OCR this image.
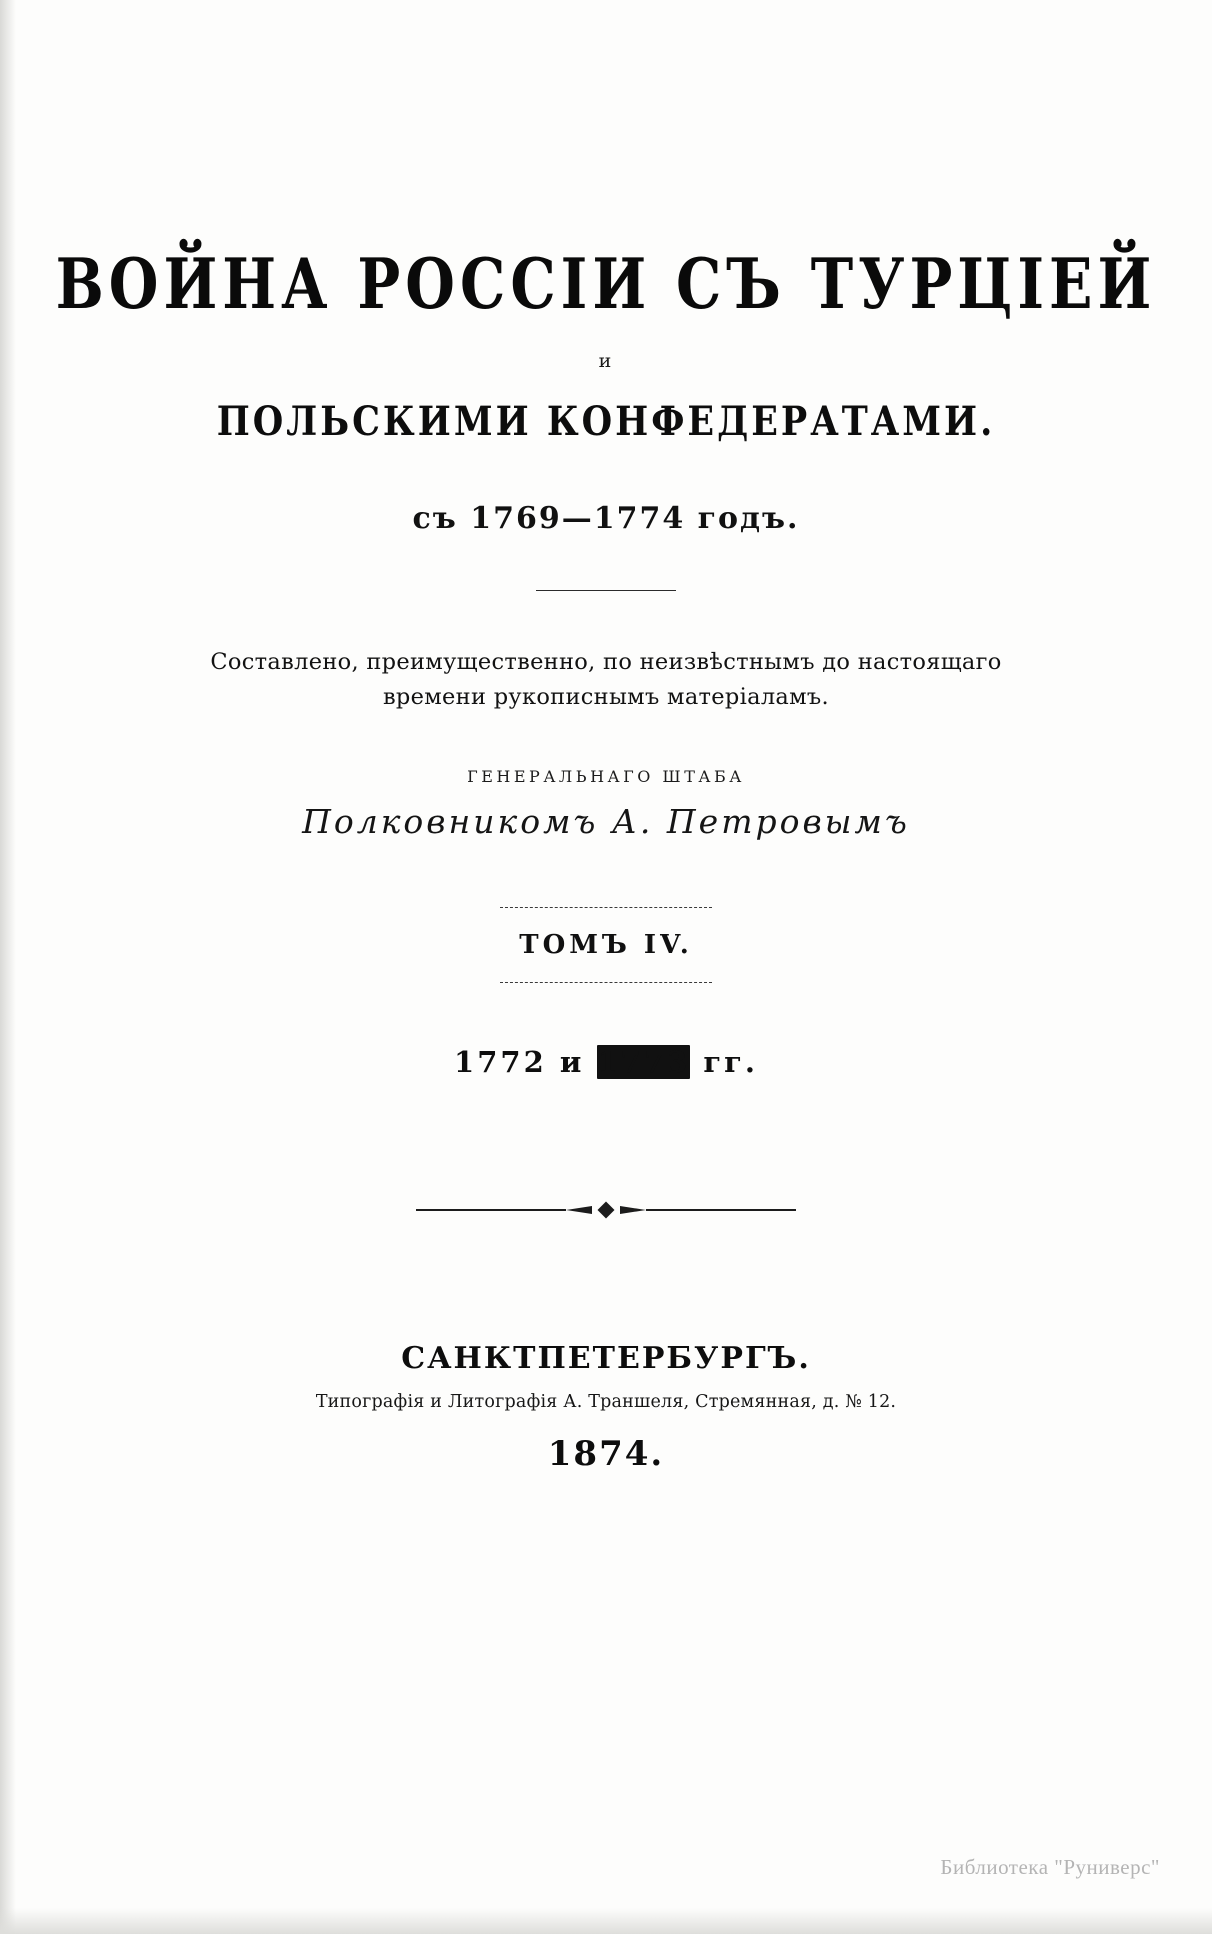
ВОЙНА РОССIИ СЪ ТУРЦIЕЙ
и
ПОЛЬСКИМИ КОНФЕДЕРАТАМИ.
съ 1769—1774 годъ.
Составлено, преимущественно, по неизвѣстнымъ до настоящаго
времени рукописнымъ матерiаламъ.
ГЕНЕРАЛЬНАГО ШТАБА
Полковникомъ А. Петровымъ
ТОМЪ IV.
1772 и 1773 гг.
САНКТПЕТЕРБУРГЪ.
Типографiя и Литографiя А. Траншеля, Стремянная, д. № 12.
1874.
Библиотека "Руниверс"
